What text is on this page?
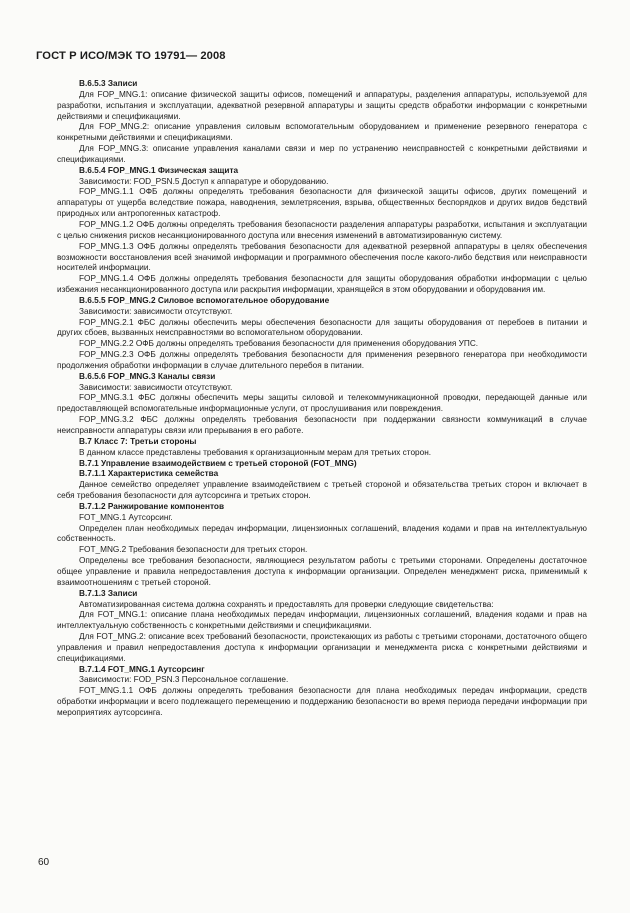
ГОСТ Р ИСО/МЭК ТО 19791— 2008

B.6.5.3 Записи

Для FOP_MNG.1: описание физической защиты офисов, помещений и аппаратуры, разделения аппаратуры, используемой для разработки, испытания и эксплуатации, адекватной резервной аппаратуры и защиты средств обработки информации с конкретными действиями и спецификациями.

Для FOP_MNG.2: описание управления силовым вспомогательным оборудованием и применение резервного генератора с конкретными действиями и спецификациями.

Для FOP_MNG.3: описание управления каналами связи и мер по устранению неисправностей с конкретными действиями и спецификациями.

B.6.5.4 FOP_MNG.1 Физическая защита

Зависимости: FOD_PSN.5 Доступ к аппаратуре и оборудованию.

FOP_MNG.1.1 ОФБ должны определять требования безопасности для физической защиты офисов, других помещений и аппаратуры от ущерба вследствие пожара, наводнения, землетрясения, взрыва, общественных беспорядков и других видов бедствий природных или антропогенных катастроф.

FOP_MNG.1.2 ОФБ должны определять требования безопасности разделения аппаратуры разработки, испытания и эксплуатации с целью снижения рисков несанкционированного доступа или внесения изменений в автоматизированную систему.

FOP_MNG.1.3 ОФБ должны определять требования безопасности для адекватной резервной аппаратуры в целях обеспечения возможности восстановления всей значимой информации и программного обеспечения после какого-либо бедствия или неисправности носителей информации.

FOP_MNG.1.4 ОФБ должны определять требования безопасности для защиты оборудования обработки информации с целью избежания несанкционированного доступа или раскрытия информации, хранящейся в этом оборудовании и оборудования им.

B.6.5.5 FOP_MNG.2 Силовое вспомогательное оборудование

Зависимости: зависимости отсутствуют.

FOP_MNG.2.1 ФБС должны обеспечить меры обеспечения безопасности для защиты оборудования от перебоев в питании и других сбоев, вызванных неисправностями во вспомогательном оборудовании.

FOP_MNG.2.2 ОФБ должны определять требования безопасности для применения оборудования УПС.

FOP_MNG.2.3 ОФБ должны определять требования безопасности для применения резервного генератора при необходимости продолжения обработки информации в случае длительного перебоя в питании.

B.6.5.6 FOP_MNG.3 Каналы связи

Зависимости: зависимости отсутствуют.

FOP_MNG.3.1 ФБС должны обеспечить меры защиты силовой и телекоммуникационной проводки, передающей данные или предоставляющей вспомогательные информационные услуги, от прослушивания или повреждения.

FOP_MNG.3.2 ФБС должны определять требования безопасности при поддержании связности коммуникаций в случае неисправности аппаратуры связи или прерывания в его работе.

B.7 Класс 7: Третьи стороны

В данном классе представлены требования к организационным мерам для третьих сторон.

B.7.1 Управление взаимодействием с третьей стороной (FOT_MNG)

B.7.1.1 Характеристика семейства

Данное семейство определяет управление взаимодействием с третьей стороной и обязательства третьих сторон и включает в себя требования безопасности для аутсорсинга и третьих сторон.

B.7.1.2 Ранжирование компонентов

FOT_MNG.1 Аутсорсинг.

Определен план необходимых передач информации, лицензионных соглашений, владения кодами и прав на интеллектуальную собственность.

FOT_MNG.2 Требования безопасности для третьих сторон.

Определены все требования безопасности, являющиеся результатом работы с третьими сторонами. Определены достаточное общее управление и правила непредоставления доступа к информации организации. Определен менеджмент риска, применимый к взаимоотношениям с третьей стороной.

B.7.1.3 Записи

Автоматизированная система должна сохранять и предоставлять для проверки следующие свидетельства:

Для FOT_MNG.1: описание плана необходимых передач информации, лицензионных соглашений, владения кодами и прав на интеллектуальную собственность с конкретными действиями и спецификациями.

Для FOT_MNG.2: описание всех требований безопасности, проистекающих из работы с третьими сторонами, достаточного общего управления и правил непредоставления доступа к информации организации и менеджмента риска с конкретными действиями и спецификациями.

B.7.1.4 FOT_MNG.1 Аутсорсинг

Зависимости: FOD_PSN.3 Персональное соглашение.

FOT_MNG.1.1 ОФБ должны определять требования безопасности для плана необходимых передач информации, средств обработки информации и всего подлежащего перемещению и поддержанию безопасности во время периода передачи информации при мероприятиях аутсорсинга.

60
